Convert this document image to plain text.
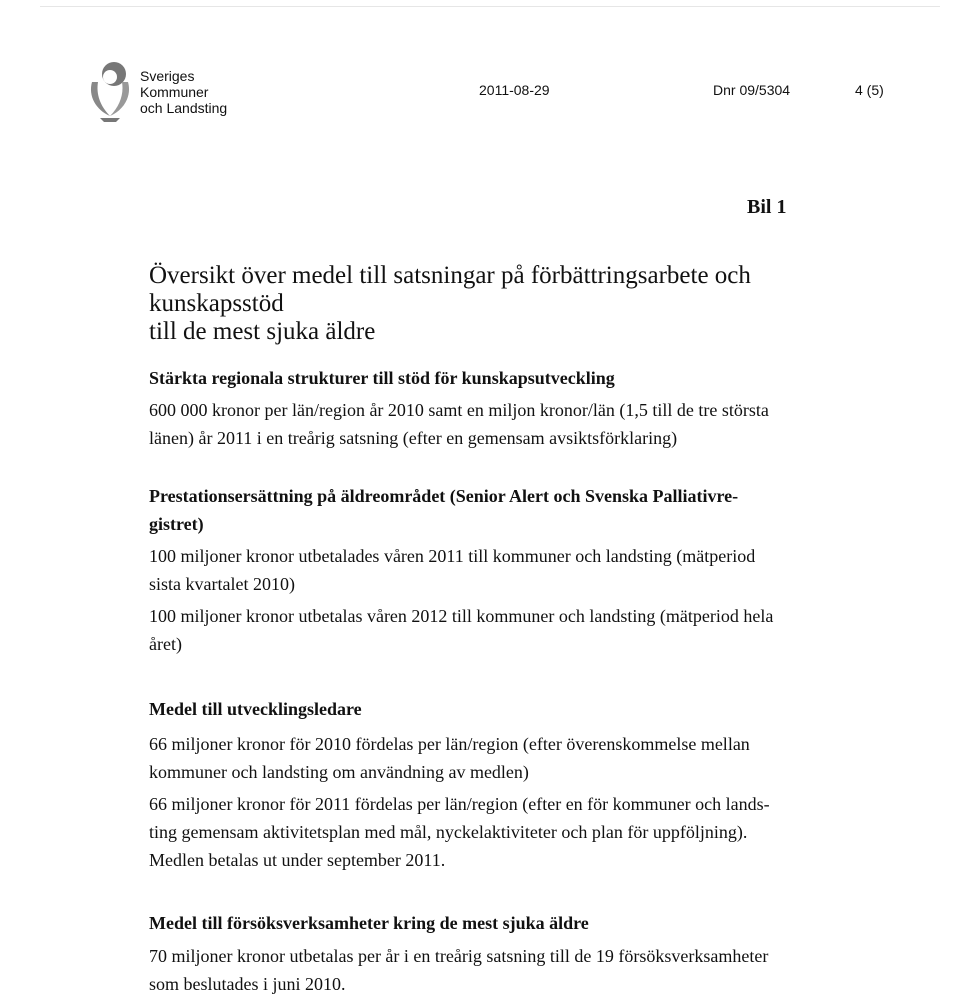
Sveriges
Kommuner
och Landsting
2011-08-29	Dnr 09/5304	4 (5)
Bil 1
Översikt över medel till satsningar på förbättringsarbete och kunskapsstöd
till de mest sjuka äldre
Stärkta regionala strukturer till stöd för kunskapsutveckling
600 000 kronor per län/region år 2010 samt en miljon kronor/län (1,5 till de tre största
länen) år 2011 i en treårig satsning (efter en gemensam avsiktsförklaring)
Prestationsersättning på äldreområdet (Senior Alert och Svenska Palliativre-
gistret)
100 miljoner kronor utbetalades våren 2011 till kommuner och landsting (mätperiod
sista kvartalet 2010)
100 miljoner kronor utbetalas våren 2012 till kommuner och landsting (mätperiod hela
året)
Medel till utvecklingsledare
66 miljoner kronor för 2010 fördelas per län/region (efter överenskommelse mellan
kommuner och landsting om användning av medlen)
66 miljoner kronor för 2011 fördelas per län/region (efter en för kommuner och lands-
ting gemensam aktivitetsplan med mål, nyckelaktiviteter och plan för uppföljning).
Medlen betalas ut under september 2011.
Medel till försöksverksamheter kring de mest sjuka äldre
70 miljoner kronor utbetalas per år i en treårig satsning till de 19 försöksverksamheter
som beslutades i juni 2010.
